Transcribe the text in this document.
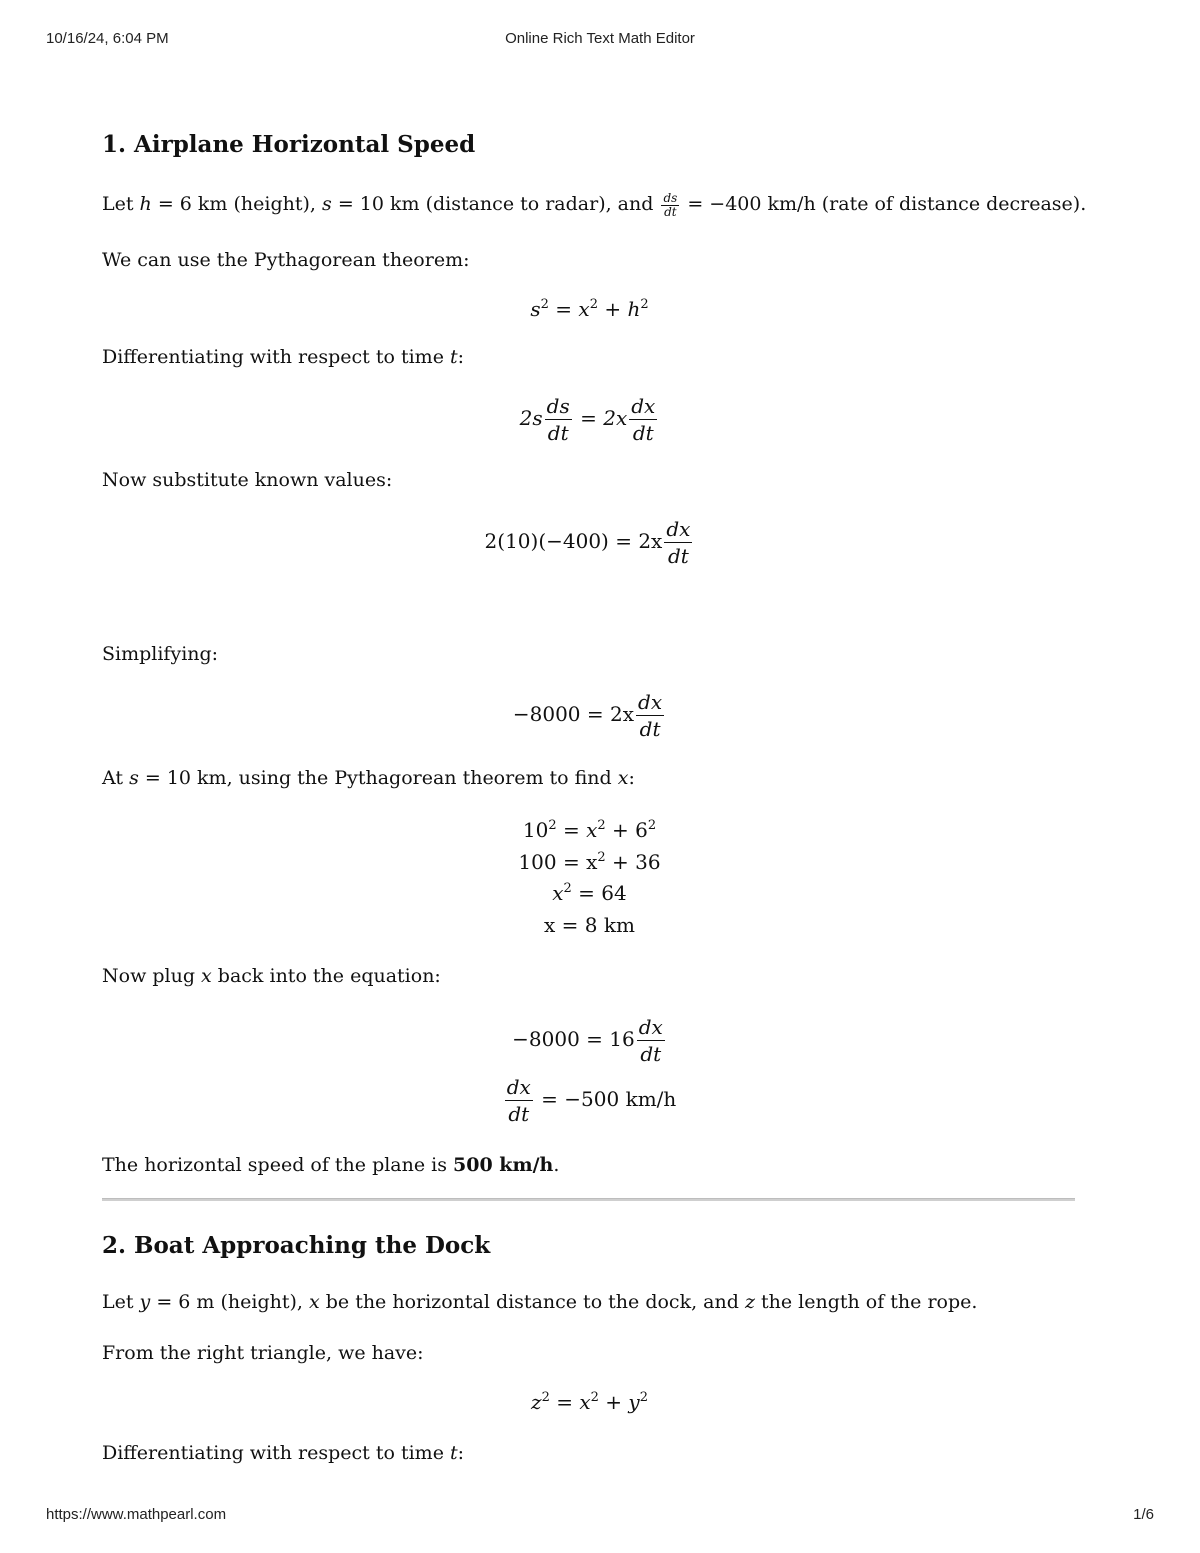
10/16/24, 6:04 PM	Online Rich Text Math Editor
1. Airplane Horizontal Speed

Let h = 6 km (height), s = 10 km (distance to radar), and $\frac{ds}{dt} = -400$ km/h (rate of distance decrease).

We can use the Pythagorean theorem:

$s^2 = x^2 + h^2$

Differentiating with respect to time t:

$2s \frac{ds}{dt} = 2x \frac{dx}{dt}$

Now substitute known values:

$2(10)(-400) = 2x \frac{dx}{dt}$

Simplifying:

$-8000 = 2x \frac{dx}{dt}$

At s = 10 km, using the Pythagorean theorem to find x:

$10^2 = x^2 + 6^2$
$100 = x^2 + 36$
$x^2 = 64$
x = 8 km

Now plug x back into the equation:

$-8000 = 16 \frac{dx}{dt}$
$\frac{dx}{dt} = -500$ km/h

The horizontal speed of the plane is 500 km/h.

2. Boat Approaching the Dock

Let y = 6 m (height), x be the horizontal distance to the dock, and z the length of the rope.

From the right triangle, we have:

$z^2 = x^2 + y^2$

Differentiating with respect to time t:

https://www.mathpearl.com	1/6
